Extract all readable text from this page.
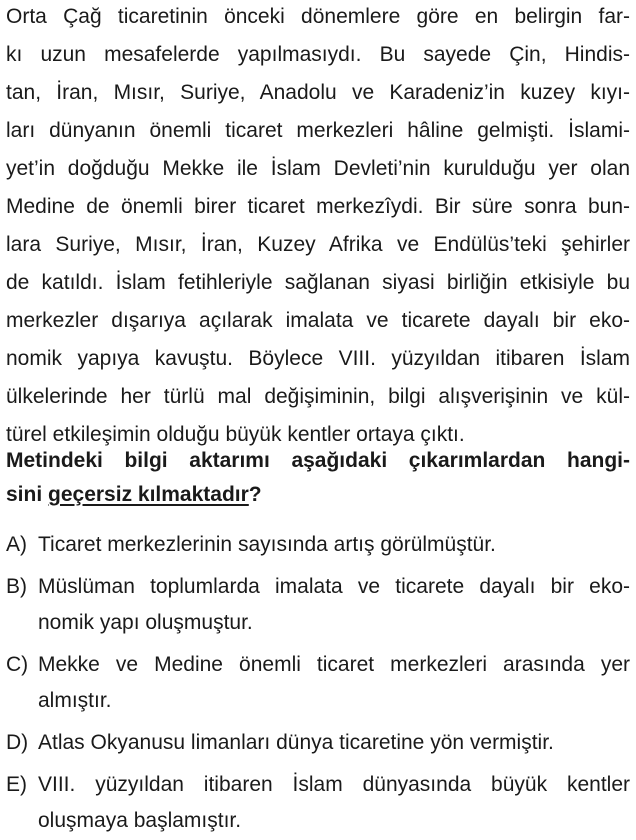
Orta Çağ ticaretinin önceki dönemlere göre en belirgin far-
kı uzun mesafelerde yapılmasıydı. Bu sayede Çin, Hindis-
tan, İran, Mısır, Suriye, Anadolu ve Karadeniz’in kuzey kıyı-
ları dünyanın önemli ticaret merkezleri hâline gelmişti. İslami-
yet’in doğduğu Mekke ile İslam Devleti’nin kurulduğu yer olan
Medine de önemli birer ticaret merkezîydi. Bir süre sonra bun-
lara Suriye, Mısır, İran, Kuzey Afrika ve Endülüs’teki şehirler
de katıldı. İslam fetihleriyle sağlanan siyasi birliğin etkisiyle bu
merkezler dışarıya açılarak imalata ve ticarete dayalı bir eko-
nomik yapıya kavuştu. Böylece VIII. yüzyıldan itibaren İslam
ülkelerinde her türlü mal değişiminin, bilgi alışverişinin ve kül-
türel etkileşimin olduğu büyük kentler ortaya çıktı.
Metindeki bilgi aktarımı aşağıdaki çıkarımlardan hangi-
sini geçersiz kılmaktadır?
A) Ticaret merkezlerinin sayısında artış görülmüştür.
B) Müslüman toplumlarda imalata ve ticarete dayalı bir eko-
nomik yapı oluşmuştur.
C) Mekke ve Medine önemli ticaret merkezleri arasında yer
almıştır.
D) Atlas Okyanusu limanları dünya ticaretine yön vermiştir.
E) VIII. yüzyıldan itibaren İslam dünyasında büyük kentler
oluşmaya başlamıştır.
